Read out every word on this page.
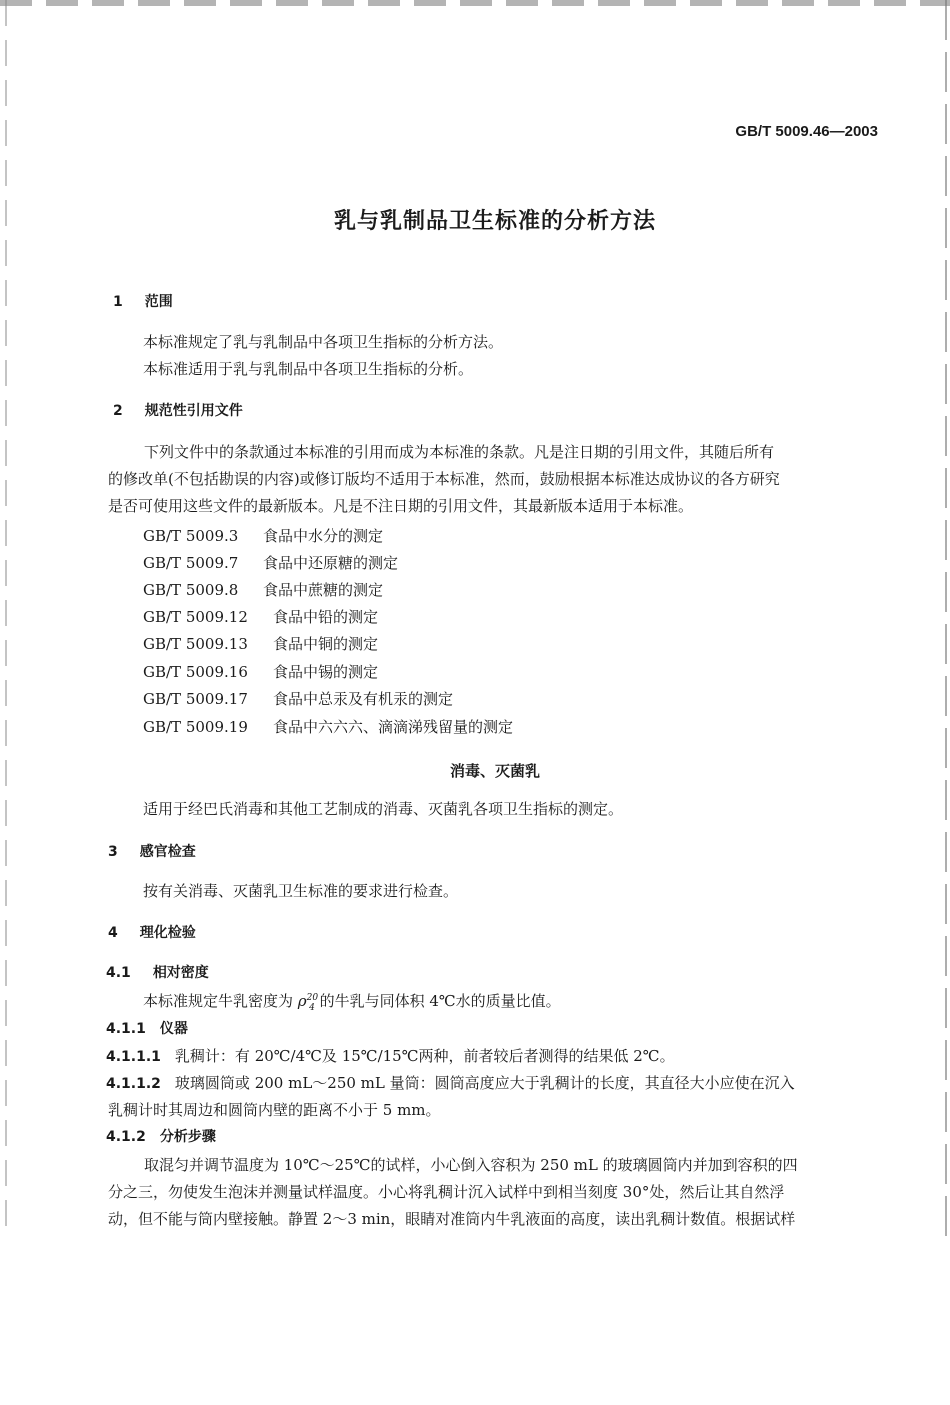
GB/T 5009.46—2003
乳与乳制品卫生标准的分析方法
1 范围
本标准规定了乳与乳制品中各项卫生指标的分析方法。
本标准适用于乳与乳制品中各项卫生指标的分析。
2 规范性引用文件
下列文件中的条款通过本标准的引用而成为本标准的条款。凡是注日期的引用文件，其随后所有
的修改单(不包括勘误的内容)或修订版均不适用于本标准，然而，鼓励根据本标准达成协议的各方研究
是否可使用这些文件的最新版本。凡是不注日期的引用文件，其最新版本适用于本标准。
GB/T 5009.3 食品中水分的测定
GB/T 5009.7 食品中还原糖的测定
GB/T 5009.8 食品中蔗糖的测定
GB/T 5009.12 食品中铅的测定
GB/T 5009.13 食品中铜的测定
GB/T 5009.16 食品中锡的测定
GB/T 5009.17 食品中总汞及有机汞的测定
GB/T 5009.19 食品中六六六、滴滴涕残留量的测定
消毒、灭菌乳
适用于经巴氏消毒和其他工艺制成的消毒、灭菌乳各项卫生指标的测定。
3 感官检查
按有关消毒、灭菌乳卫生标准的要求进行检查。
4 理化检验
4.1 相对密度
本标准规定牛乳密度为 $\rho^{20}_4$ 的牛乳与同体积 4℃水的质量比值。
4.1.1 仪器
4.1.1.1 乳稠计：有 20℃/4℃及 15℃/15℃两种，前者较后者测得的结果低 2℃。
4.1.1.2 玻璃圆筒或 200 mL～250 mL 量筒：圆筒高度应大于乳稠计的长度，其直径大小应使在沉入
乳稠计时其周边和圆筒内壁的距离不小于 5 mm。
4.1.2 分析步骤
取混匀并调节温度为 10℃～25℃的试样，小心倒入容积为 250 mL 的玻璃圆筒内并加到容积的四
分之三，勿使发生泡沫并测量试样温度。小心将乳稠计沉入试样中到相当刻度 30°处，然后让其自然浮
动，但不能与筒内壁接触。静置 2～3 min，眼睛对准筒内牛乳液面的高度，读出乳稠计数值。根据试样
